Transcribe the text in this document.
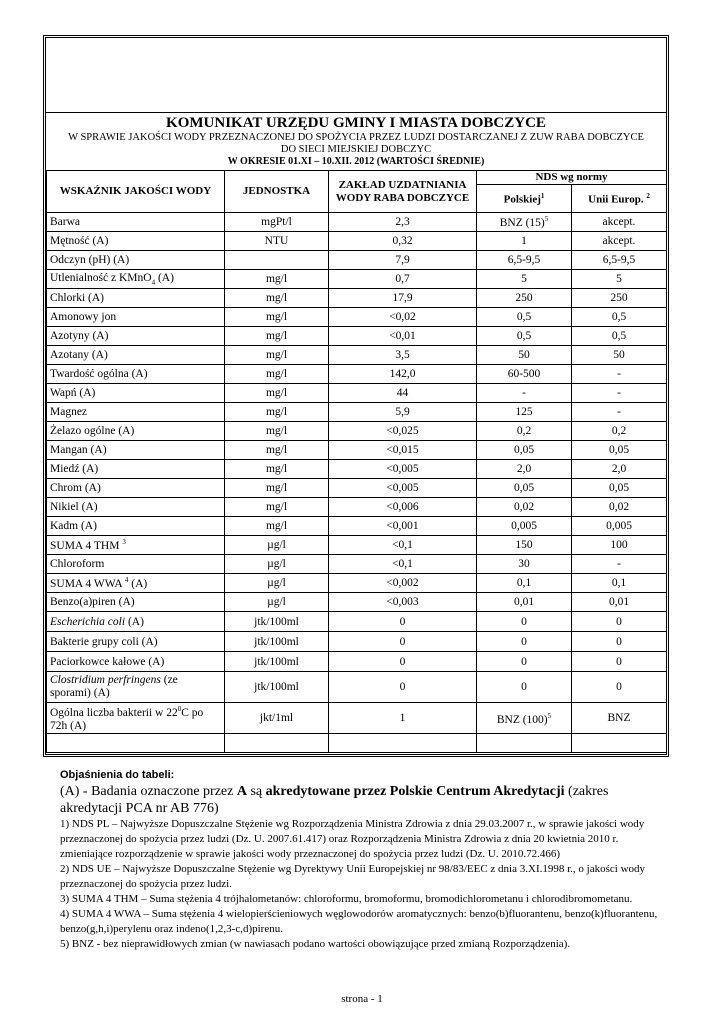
KOMUNIKAT URZĘDU GMINY I MIASTA DOBCZYCE
W SPRAWIE JAKOŚCI WODY PRZEZNACZONEJ DO SPOŻYCIA PRZEZ LUDZI DOSTARCZANEJ Z ZUW RABA DOBCZYCE
DO SIECI MIEJSKIEJ DOBCZYC
W OKRESIE 01.XI – 10.XII. 2012 (WARTOŚCI ŚREDNIE)
WSKAŹNIK JAKOŚCI WODY	JEDNOSTKA	ZAKŁAD UZDATNIANIA WODY RABA DOBCZYCE	NDS wg normy	
			Polskiej$^1$	Unii Europ. $^2$
Barwa	mgPt/l	2,3	BNZ $(15)^5$	akcept.
Mętność (A)	NTU	0,32	1	akcept.
Odczyn (pH) (A)		7,9	6,5-9,5	6,5-9,5
Utlenialność z KMnO$_4$ (A)	mg/l	0,7	5	5
Chlorki (A)	mg/l	17,9	250	250
Amonowy jon	mg/l	<0,02	0,5	0,5
Azotyny (A)	mg/l	<0,01	0,5	0,5
Azotany (A)	mg/l	3,5	50	50
Twardość ogólna (A)	mg/l	142,0	60-500	-
Wapń (A)	mg/l	44	-	-
Magnez	mg/l	5,9	125	-
Żelazo ogólne (A)	mg/l	<0,025	0,2	0,2
Mangan (A)	mg/l	<0,015	0,05	0,05
Miedź (A)	mg/l	<0,005	2,0	2,0
Chrom (A)	mg/l	<0,005	0,05	0,05
Nikiel (A)	mg/l	<0,006	0,02	0,02
Kadm (A)	mg/l	<0,001	0,005	0,005
SUMA 4 THM $^3$	µg/l	<0,1	150	100
Chloroform	µg/l	<0,1	30	-
SUMA 4 WWA $^4$ (A)	µg/l	<0,002	0,1	0,1
Benzo(a)piren (A)	µg/l	<0,003	0,01	0,01
Escherichia coli (A)	jtk/100ml	0	0	0
Bakterie grupy coli (A)	jtk/100ml	0	0	0
Paciorkowce kałowe (A)	jtk/100ml	0	0	0
Clostridium perfringens (ze sporami) (A)	jtk/100ml	0	0	0
Ogólna liczba bakterii w $22^0C$ po 72h (A)	jkt/1ml	1	BNZ $(100)^5$	BNZ

Objaśnienia do tabeli:

(A) - Badania oznaczone przez A są akredytowane przez Polskie Centrum Akredytacji (zakres akredytacji PCA nr AB 776)

1) NDS PL – Najwyższe Dopuszczalne Stężenie wg Rozporządzenia Ministra Zdrowia z dnia 29.03.2007 r., w sprawie jakości wody przeznaczonej do spożycia przez ludzi (Dz. U. 2007.61.417) oraz Rozporządzenia Ministra Zdrowia z dnia 20 kwietnia 2010 r. zmieniające rozporządzenie w sprawie jakości wody przeznaczonej do spożycia przez ludzi (Dz. U. 2010.72.466)

2) NDS UE – Najwyższe Dopuszczalne Stężenie wg Dyrektywy Unii Europejskiej nr 98/83/EEC z dnia 3.XI.1998 r., o jakości wody przeznaczonej do spożycia przez ludzi.

3) SUMA 4 THM – Suma stężenia 4 trójhalometanów: chloroformu, bromoformu, bromodichlorometanu i chlorodibromometanu.

4) SUMA 4 WWA – Suma stężenia 4 wielopierścieniowych węglowodorów aromatycznych: benzo(b)fluorantenu, benzo(k)fluorantenu, benzo(g,h,i)perylenu oraz indeno(1,2,3-c,d)pirenu.

5) BNZ - bez nieprawidłowych zmian (w nawiasach podano wartości obowiązujące przed zmianą Rozporządzenia).

strona - 1
